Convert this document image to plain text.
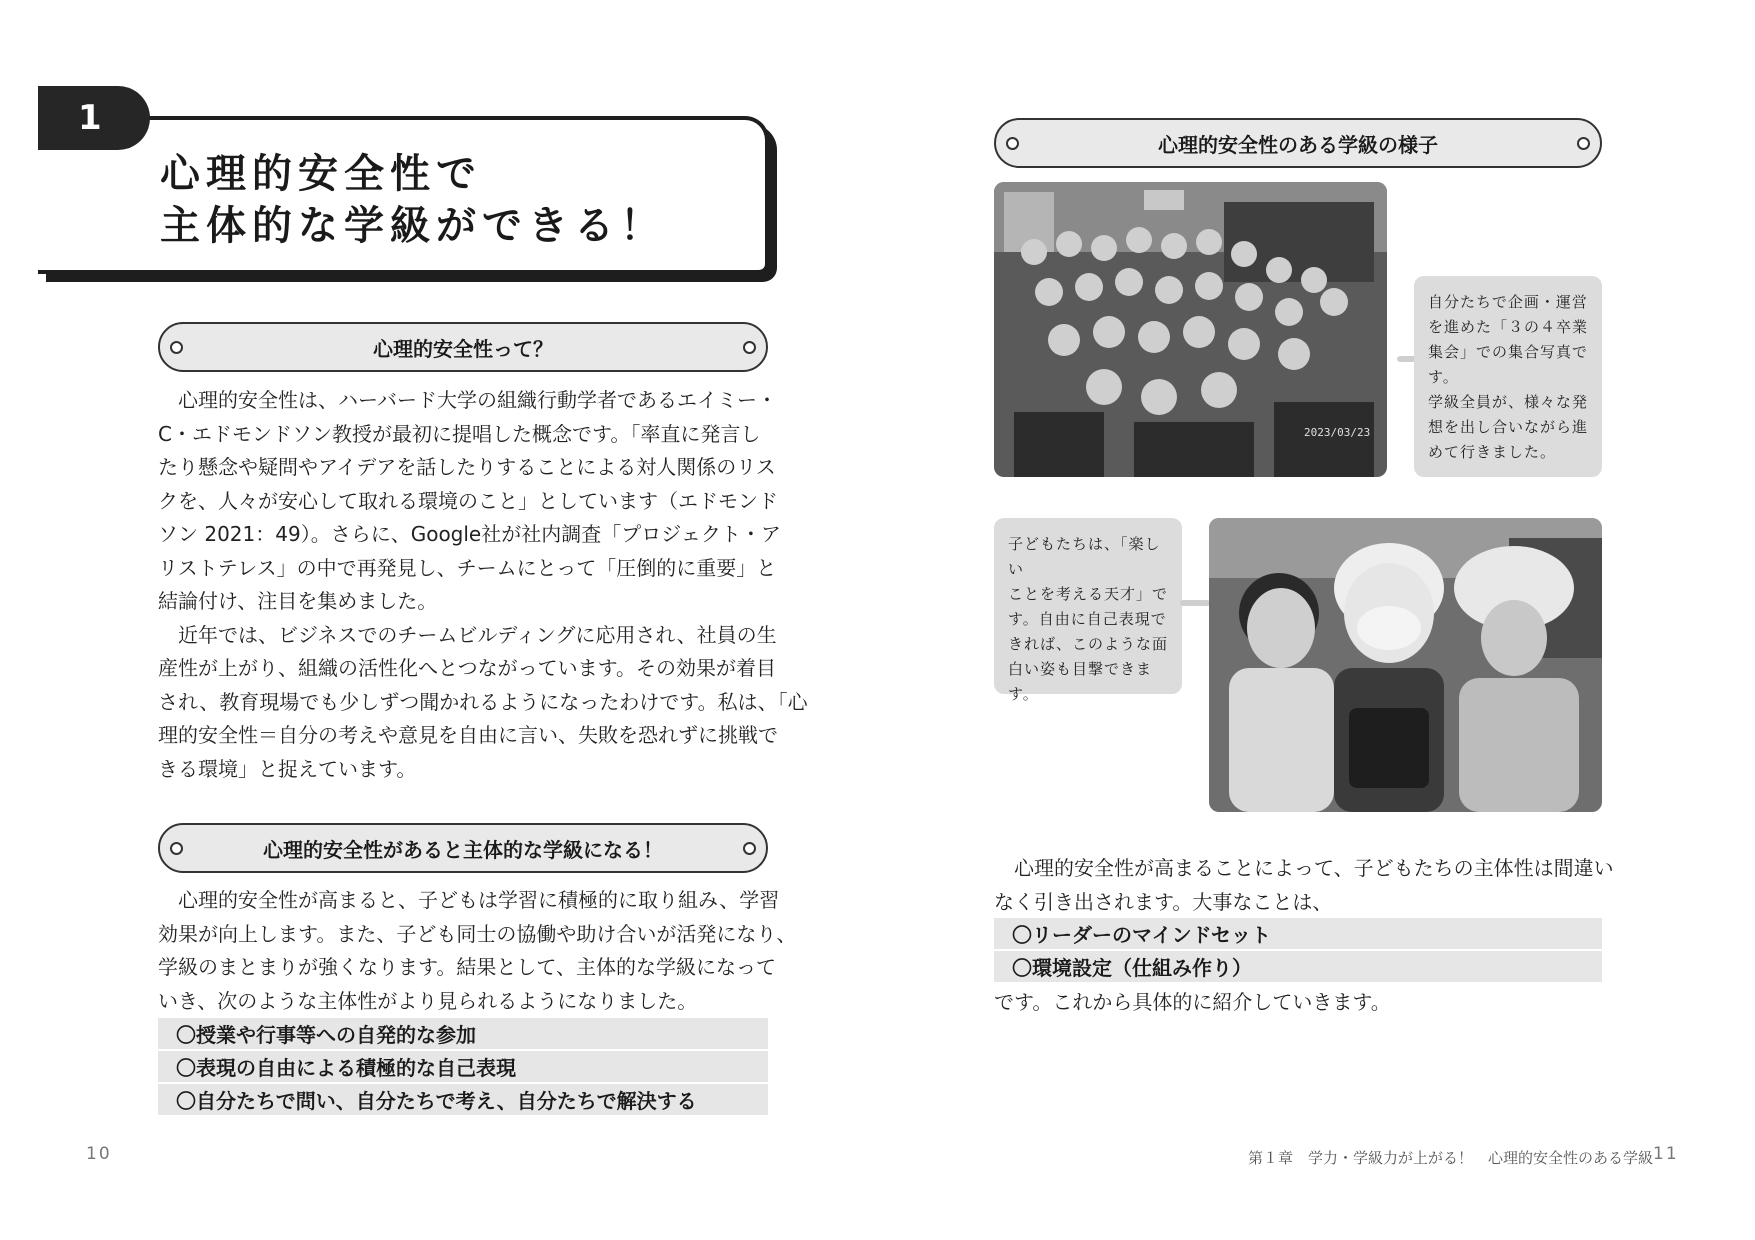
1
心理的安全性で
主体的な学級ができる！
心理的安全性って？

　心理的安全性は、ハーバード大学の組織行動学者であるエイミー・

C・エドモンドソン教授が最初に提唱した概念です。「率直に発言し

たり懸念や疑問やアイデアを話したりすることによる対人関係のリス

クを、人々が安心して取れる環境のこと」としています（エドモンド

ソン 2021：49）。さらに、Google社が社内調査「プロジェクト・ア

リストテレス」の中で再発見し、チームにとって「圧倒的に重要」と

結論付け、注目を集めました。

　近年では、ビジネスでのチームビルディングに応用され、社員の生

産性が上がり、組織の活性化へとつながっています。その効果が着目

され、教育現場でも少しずつ聞かれるようになったわけです。私は、「心

理的安全性＝自分の考えや意見を自由に言い、失敗を恐れずに挑戦で

きる環境」と捉えています。

心理的安全性があると主体的な学級になる！

　心理的安全性が高まると、子どもは学習に積極的に取り組み、学習

効果が向上します。また、子ども同士の協働や助け合いが活発になり、

学級のまとまりが強くなります。結果として、主体的な学級になって

いき、次のような主体性がより見られるようになりました。

〇授業や行事等への自発的な参加
〇表現の自由による積極的な自己表現
〇自分たちで問い、自分たちで考え、自分たちで解決する
10
心理的安全性のある学級の様子
2023/03/23
自分たちで企画・運営
を進めた「３の４卒業
集会」での集合写真で
す。
学級全員が、様々な発
想を出し合いながら進
めて行きました。
子どもたちは、「楽しい
ことを考える天才」で
す。自由に自己表現で
きれば、このような面
白い姿も目撃できま
す。

　心理的安全性が高まることによって、子どもたちの主体性は間違い

なく引き出されます。大事なことは、

〇リーダーのマインドセット
〇環境設定（仕組み作り）
です。これから具体的に紹介していきます。
第１章　学力・学級力が上がる！　心理的安全性のある学級 11
